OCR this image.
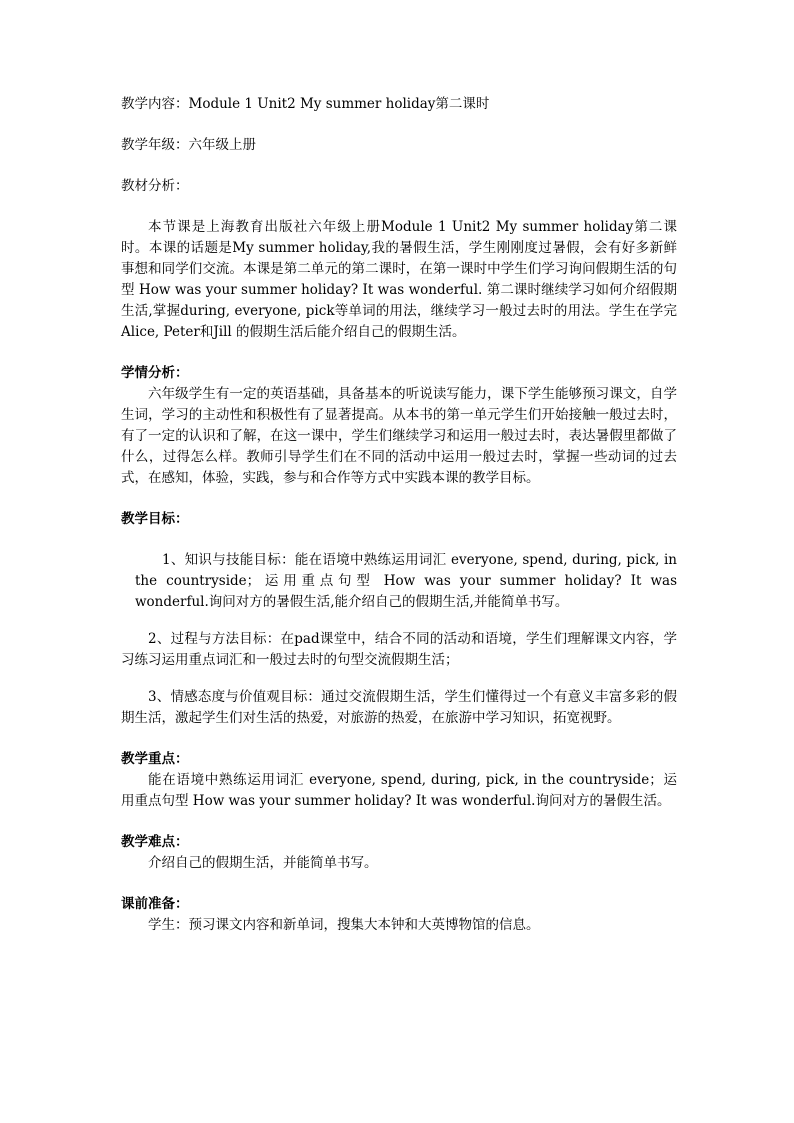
教学内容：Module 1 Unit2 My summer holiday第二课时

教学年级：六年级上册

教材分析：

本节课是上海教育出版社六年级上册Module 1 Unit2 My summer holiday第二课时。本课的话题是My summer holiday,我的暑假生活，学生刚刚度过暑假，会有好多新鲜事想和同学们交流。本课是第二单元的第二课时，在第一课时中学生们学习询问假期生活的句型 How was your summer holiday? It was wonderful. 第二课时继续学习如何介绍假期生活,掌握during, everyone, pick等单词的用法，继续学习一般过去时的用法。学生在学完Alice, Peter和Jill 的假期生活后能介绍自己的假期生活。

学情分析：

六年级学生有一定的英语基础，具备基本的听说读写能力，课下学生能够预习课文，自学生词，学习的主动性和积极性有了显著提高。从本书的第一单元学生们开始接触一般过去时，有了一定的认识和了解，在这一课中，学生们继续学习和运用一般过去时，表达暑假里都做了什么，过得怎么样。教师引导学生们在不同的活动中运用一般过去时，掌握一些动词的过去式，在感知，体验，实践，参与和合作等方式中实践本课的教学目标。

教学目标：

1、知识与技能目标：能在语境中熟练运用词汇 everyone, spend, during, pick, in the countryside；运用重点句型 How was your summer holiday? It was wonderful.询问对方的暑假生活,能介绍自己的假期生活,并能简单书写。

2、过程与方法目标：在pad课堂中，结合不同的活动和语境，学生们理解课文内容，学习练习运用重点词汇和一般过去时的句型交流假期生活；

3、情感态度与价值观目标：通过交流假期生活，学生们懂得过一个有意义丰富多彩的假期生活，激起学生们对生活的热爱，对旅游的热爱，在旅游中学习知识，拓宽视野。

教学重点：

能在语境中熟练运用词汇 everyone, spend, during, pick, in the countryside；运用重点句型 How was your summer holiday? It was wonderful.询问对方的暑假生活。

教学难点：

介绍自己的假期生活，并能简单书写。

课前准备：

学生：预习课文内容和新单词，搜集大本钟和大英博物馆的信息。
